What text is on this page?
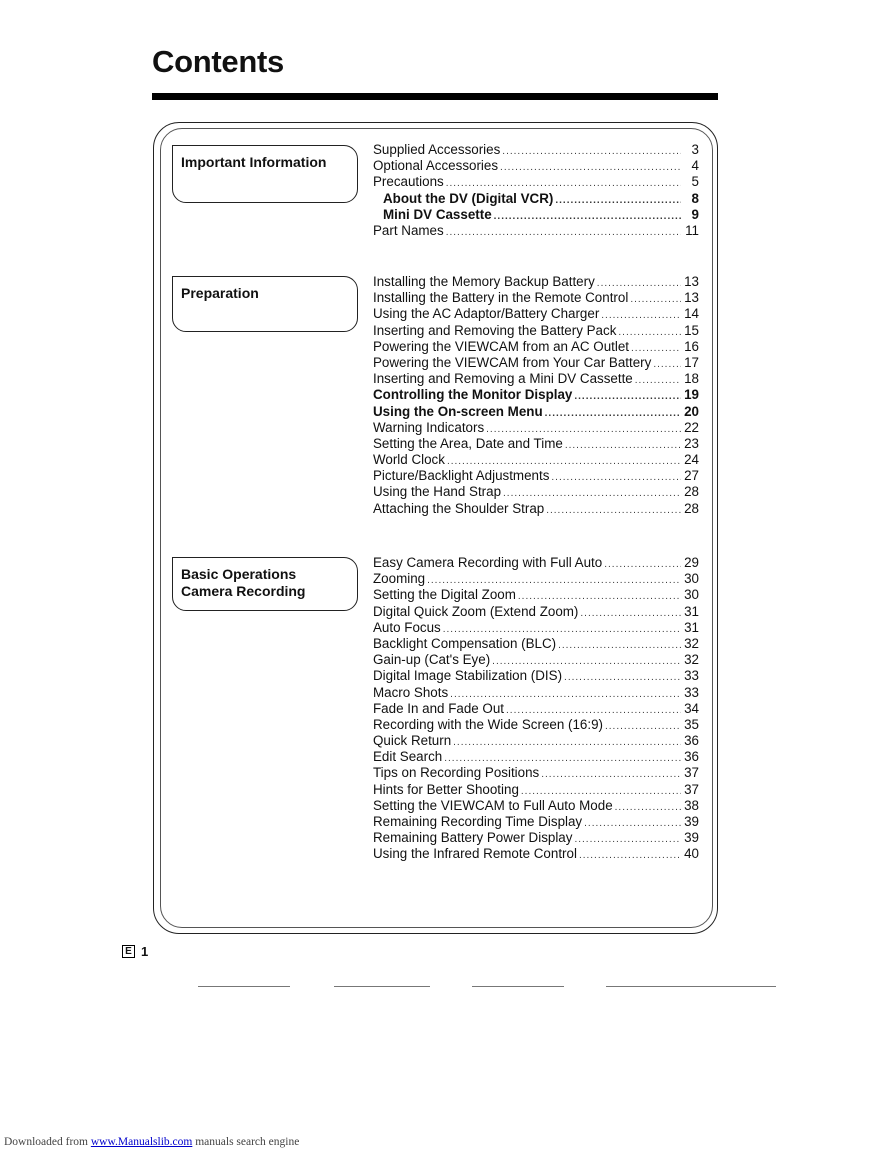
Contents
Important Information
Supplied Accessories .....	3
Optional Accessories .....	4
Precautions .....	5
About the DV (Digital VCR) .....	8
Mini DV Cassette .....	9
Part Names .....	11
Preparation
Installing the Memory Backup Battery .....	13
Installing the Battery in the Remote Control .....	13
Using the AC Adaptor/Battery Charger .....	14
Inserting and Removing the Battery Pack .....	15
Powering the VIEWCAM from an AC Outlet .....	16
Powering the VIEWCAM from Your Car Battery ..... 17
Inserting and Removing a Mini DV Cassette .....	18
Controlling the Monitor Display .....	19
Using the On-screen Menu .....	20
Warning Indicators .....	22
Setting the Area, Date and Time .....	23
World Clock .....	24
Picture/Backlight Adjustments .....	27
Using the Hand Strap .....	28
Attaching the Shoulder Strap .....	28
Basic Operations
Camera Recording
Easy Camera Recording with Full Auto .....	29
Zooming .....	30
Setting the Digital Zoom .....	30
Digital Quick Zoom (Extend Zoom) .....	31
Auto Focus .....	31
Backlight Compensation (BLC) .....	32
Gain-up (Cat's Eye) .....	32
Digital Image Stabilization (DIS) .....	33
Macro Shots .....	33
Fade In and Fade Out .....	34
Recording with the Wide Screen (16:9) .....	35
Quick Return .....	36
Edit Search .....	36
Tips on Recording Positions .....	37
Hints for Better Shooting .....	37
Setting the VIEWCAM to Full Auto Mode .....	38
Remaining Recording Time Display .....	39
Remaining Battery Power Display .....	39
Using the Infrared Remote Control .....	40
E 1
Downloaded from www.Manualslib.com manuals search engine
